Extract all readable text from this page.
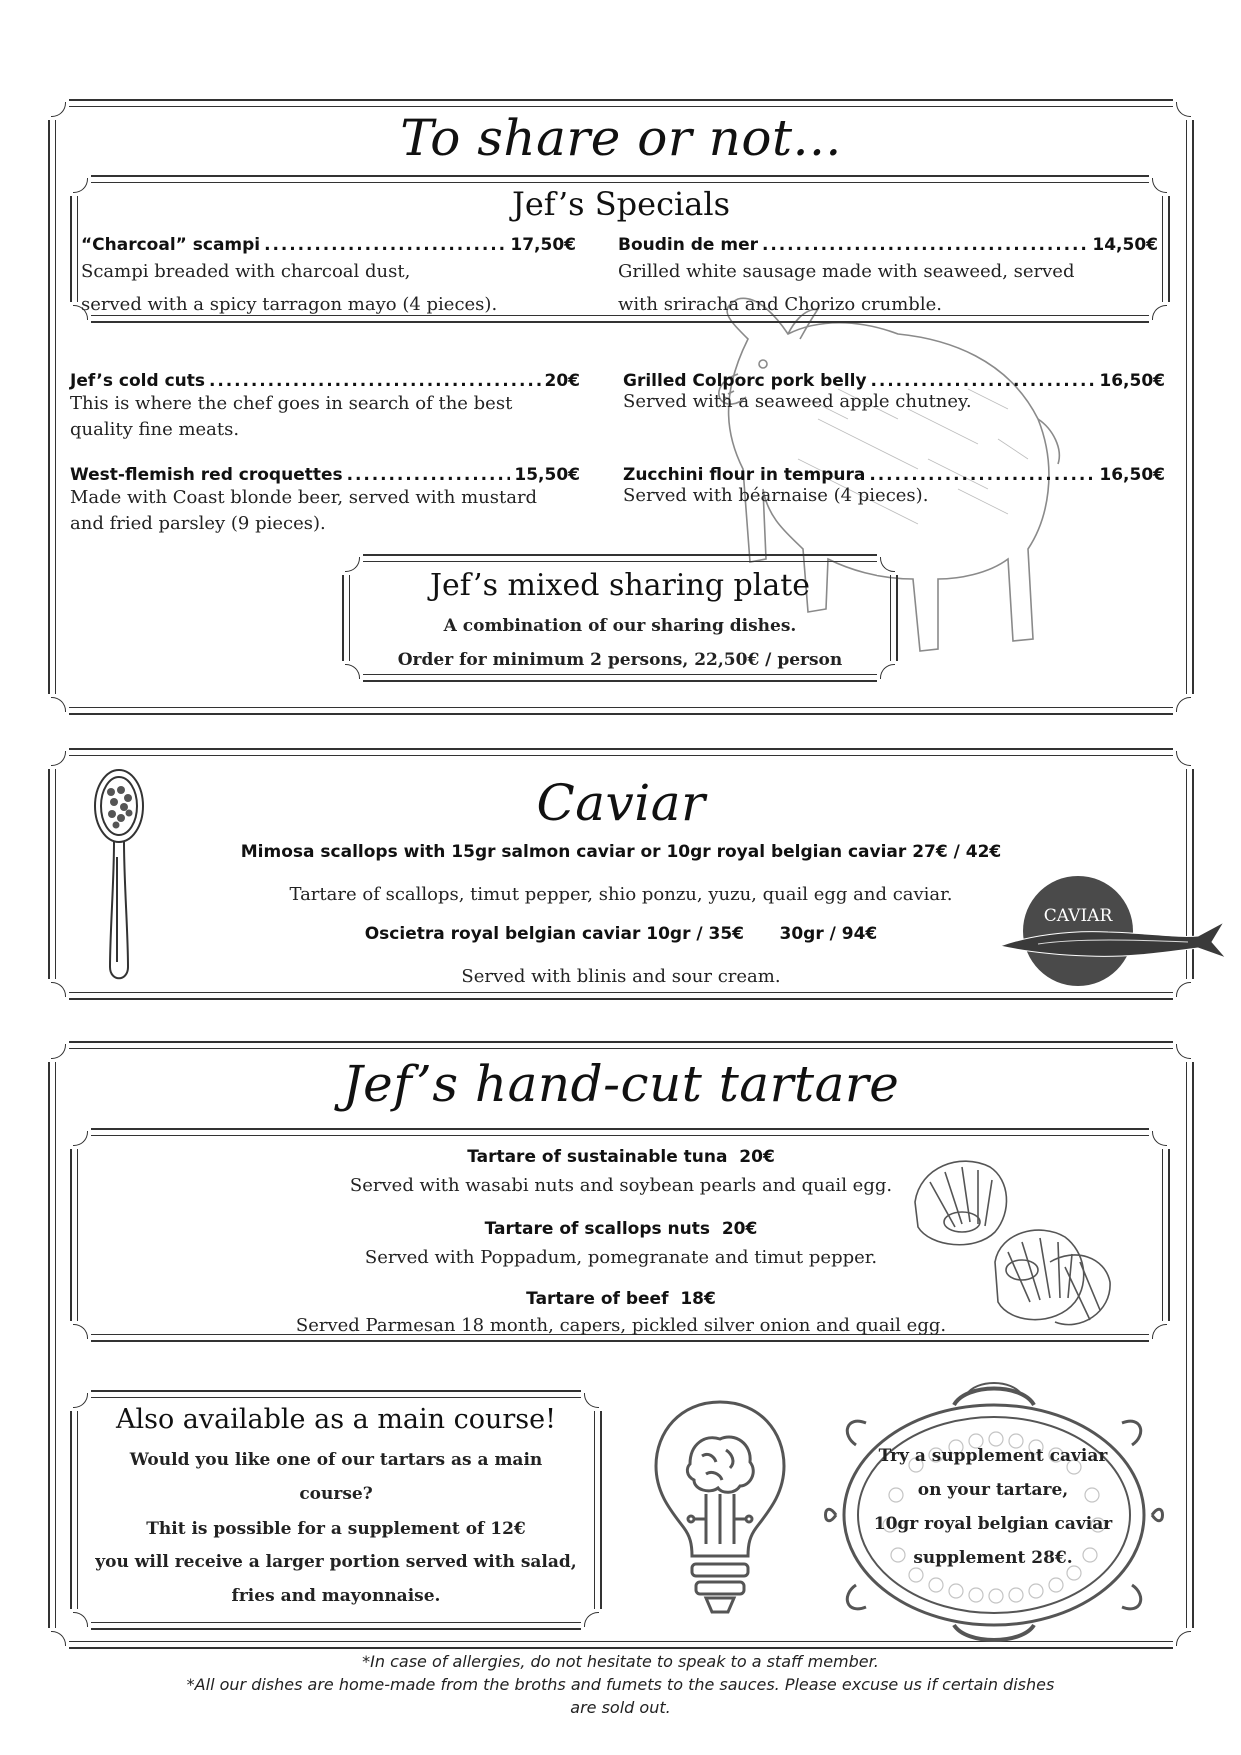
To share or not...
Jef’s Specials
“Charcoal” scampi . . .	17,50€
Scampi breaded with charcoal dust,
served with a spicy tarragon mayo (4 pieces).
Boudin de mer . . .	14,50€
Grilled white sausage made with seaweed, served
with sriracha and Chorizo crumble.
Jef’s cold cuts . . .	20€
This is where the chef goes in search of the best
quality fine meats.
West-flemish red croquettes . . .	15,50€
Made with Coast blonde beer, served with mustard
and fried parsley (9 pieces).
Grilled Colporc pork belly . . .	16,50€
Served with a seaweed apple chutney.
Zucchini flour in tempura . . .	16,50€
Served with béarnaise (4 pieces).
Jef’s mixed sharing plate
A combination of our sharing dishes.
Order for minimum 2 persons, 22,50€ / person
Caviar
Mimosa scallops with 15gr salmon caviar or 10gr royal belgian caviar 27€ / 42€
Tartare of scallops, timut pepper, shio ponzu, yuzu, quail egg and caviar.
Oscietra royal belgian caviar 10gr / 35€      30gr / 94€
Served with blinis and sour cream.
CAVIAR
Jef’s hand-cut tartare
Tartare of sustainable tuna  20€
Served with wasabi nuts and soybean pearls and quail egg.
Tartare of scallops nuts  20€
Served with Poppadum, pomegranate and timut pepper.
Tartare of beef  18€
Served Parmesan 18 month, capers, pickled silver onion and quail egg.
Also available as a main course!
Would you like one of our tartars as a main
course?
Thit is possible for a supplement of 12€
you will receive a larger portion served with salad,
fries and mayonnaise.
Try a supplement caviar
on your tartare,
10gr royal belgian caviar
supplement 28€.
*In case of allergies, do not hesitate to speak to a staff member.
*All our dishes are home-made from the broths and fumets to the sauces. Please excuse us if certain dishes
are sold out.
